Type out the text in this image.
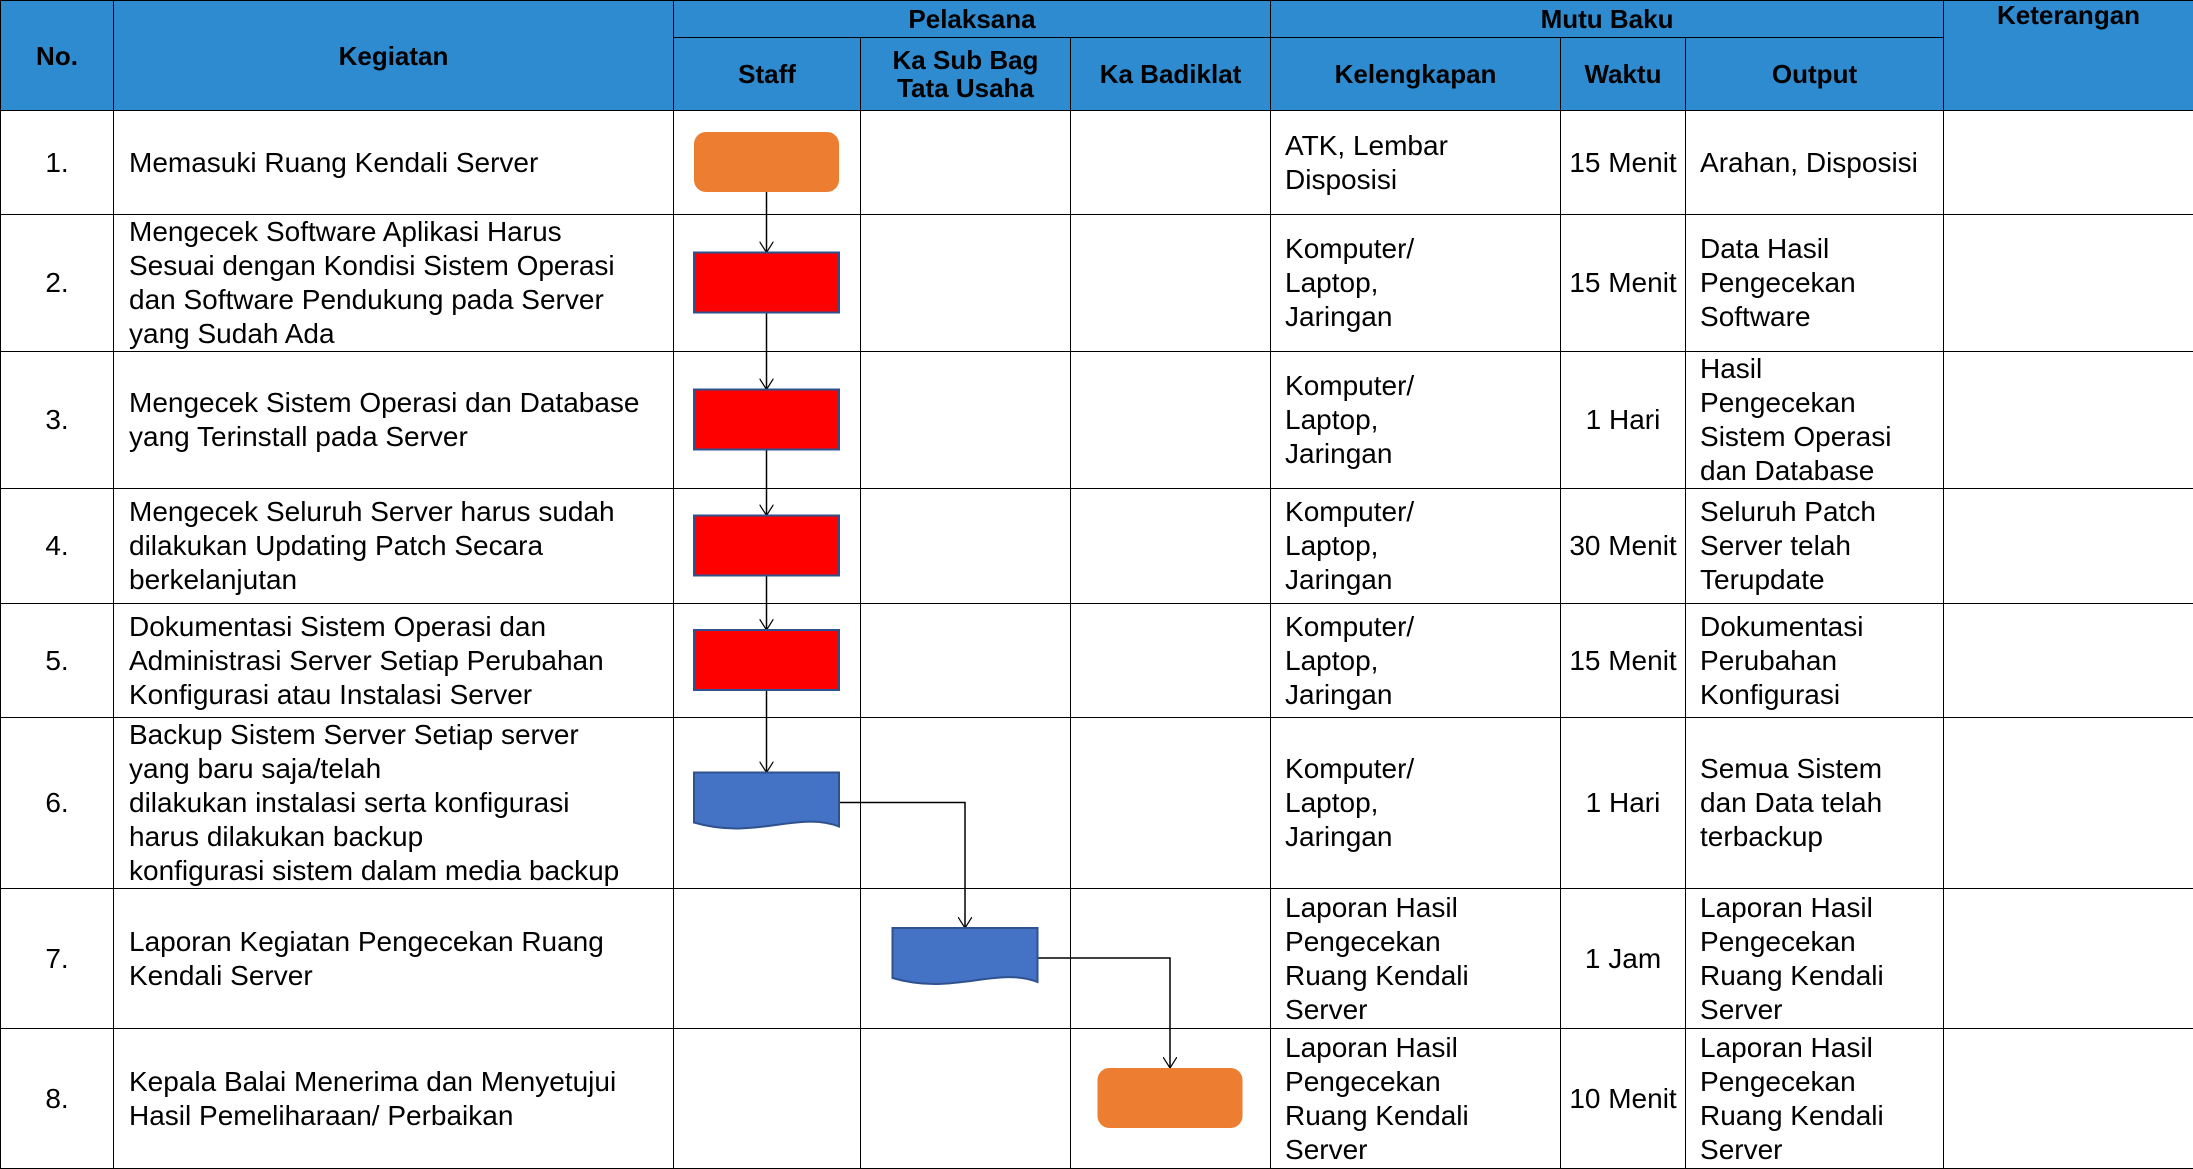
No.	Kegiatan	Pelaksana			Mutu Baku			Keterangan
		Staff	Ka Sub Bag
Tata Usaha	Ka Badiklat	Kelengkapan	Waktu	Output	
1.	Memasuki Ruang Kendali Server				ATK, Lembar
Disposisi	15 Menit	Arahan, Disposisi	
2.	Mengecek Software Aplikasi Harus
Sesuai dengan Kondisi Sistem Operasi
dan Software Pendukung pada Server
yang Sudah Ada				Komputer/
Laptop,
Jaringan	15 Menit	Data Hasil
Pengecekan
Software	
3.	Mengecek Sistem Operasi dan Database
yang Terinstall pada Server				Komputer/
Laptop,
Jaringan	1 Hari	Hasil
Pengecekan
Sistem Operasi
dan Database	
4.	Mengecek Seluruh Server harus sudah
dilakukan Updating Patch Secara
berkelanjutan				Komputer/
Laptop,
Jaringan	30 Menit	Seluruh Patch
Server telah
Terupdate	
5.	Dokumentasi Sistem Operasi dan
Administrasi Server Setiap Perubahan
Konfigurasi atau Instalasi Server				Komputer/
Laptop,
Jaringan	15 Menit	Dokumentasi
Perubahan
Konfigurasi	
6.	Backup Sistem Server Setiap server
yang baru saja/telah
dilakukan instalasi serta konfigurasi
harus dilakukan backup
konfigurasi sistem dalam media backup				Komputer/
Laptop,
Jaringan	1 Hari	Semua Sistem
dan Data telah
terbackup	
7.	Laporan Kegiatan Pengecekan Ruang
Kendali Server				Laporan Hasil
Pengecekan
Ruang Kendali
Server	1 Jam	Laporan Hasil
Pengecekan
Ruang Kendali
Server	
8.	Kepala Balai Menerima dan Menyetujui
Hasil Pemeliharaan/ Perbaikan				Laporan Hasil
Pengecekan
Ruang Kendali
Server	10 Menit	Laporan Hasil
Pengecekan
Ruang Kendali
Server	
